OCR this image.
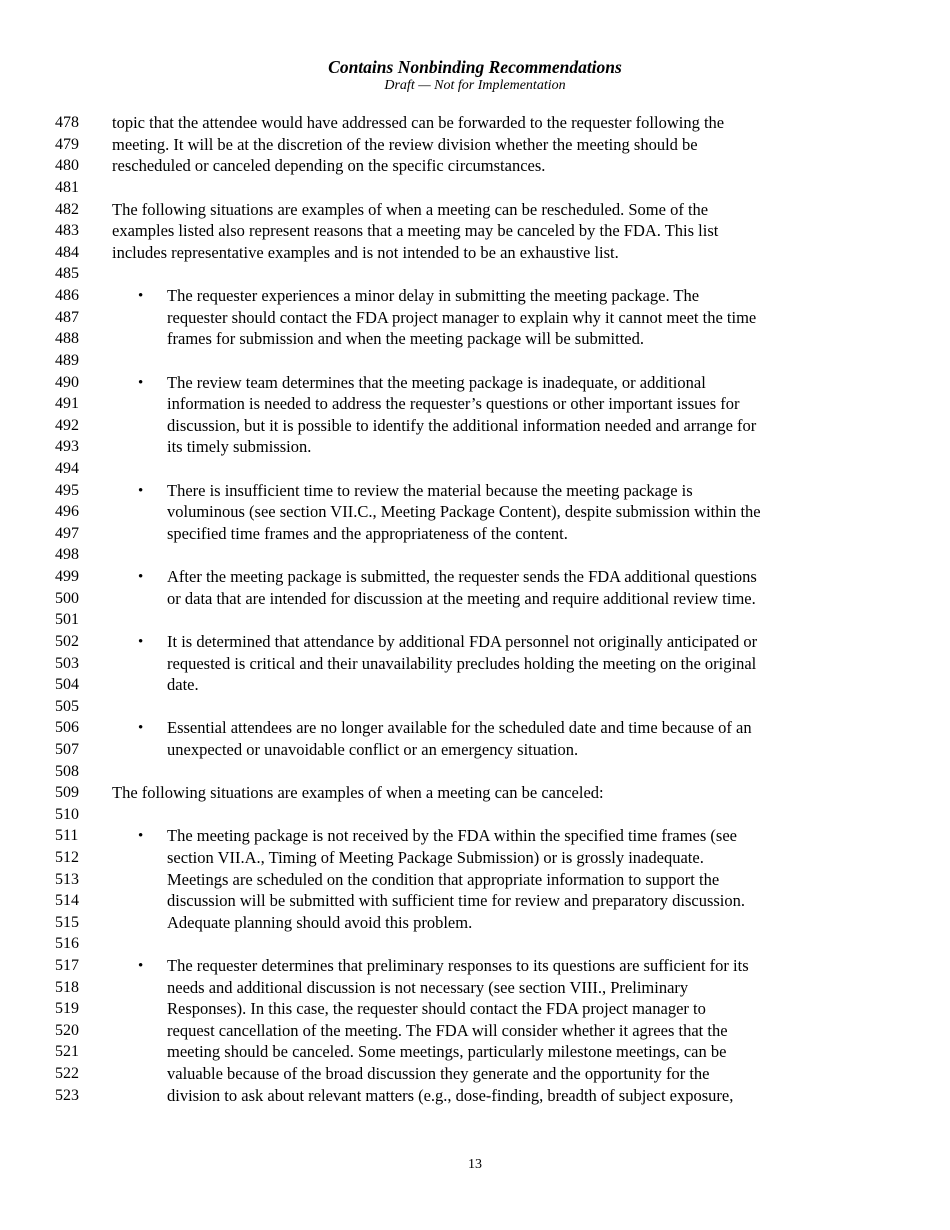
Contains Nonbinding Recommendations
Draft — Not for Implementation
478
479
480
481
482
483
484
485
486
487
488
489
490
491
492
493
494
495
496
497
498
499
500
501
502
503
504
505
506
507
508
509
510
511
512
513
514
515
516
517
518
519
520
521
522
523
topic that the attendee would have addressed can be forwarded to the requester following the
meeting. It will be at the discretion of the review division whether the meeting should be
rescheduled or canceled depending on the specific circumstances.
The following situations are examples of when a meeting can be rescheduled. Some of the
examples listed also represent reasons that a meeting may be canceled by the FDA. This list
includes representative examples and is not intended to be an exhaustive list.
• The requester experiences a minor delay in submitting the meeting package. The
requester should contact the FDA project manager to explain why it cannot meet the time
frames for submission and when the meeting package will be submitted.
• The review team determines that the meeting package is inadequate, or additional
information is needed to address the requester’s questions or other important issues for
discussion, but it is possible to identify the additional information needed and arrange for
its timely submission.
• There is insufficient time to review the material because the meeting package is
voluminous (see section VII.C., Meeting Package Content), despite submission within the
specified time frames and the appropriateness of the content.
• After the meeting package is submitted, the requester sends the FDA additional questions
or data that are intended for discussion at the meeting and require additional review time.
• It is determined that attendance by additional FDA personnel not originally anticipated or
requested is critical and their unavailability precludes holding the meeting on the original
date.
• Essential attendees are no longer available for the scheduled date and time because of an
unexpected or unavoidable conflict or an emergency situation.
The following situations are examples of when a meeting can be canceled:
• The meeting package is not received by the FDA within the specified time frames (see
section VII.A., Timing of Meeting Package Submission) or is grossly inadequate.
Meetings are scheduled on the condition that appropriate information to support the
discussion will be submitted with sufficient time for review and preparatory discussion.
Adequate planning should avoid this problem.
• The requester determines that preliminary responses to its questions are sufficient for its
needs and additional discussion is not necessary (see section VIII., Preliminary
Responses). In this case, the requester should contact the FDA project manager to
request cancellation of the meeting. The FDA will consider whether it agrees that the
meeting should be canceled. Some meetings, particularly milestone meetings, can be
valuable because of the broad discussion they generate and the opportunity for the
division to ask about relevant matters (e.g., dose-finding, breadth of subject exposure,
13
